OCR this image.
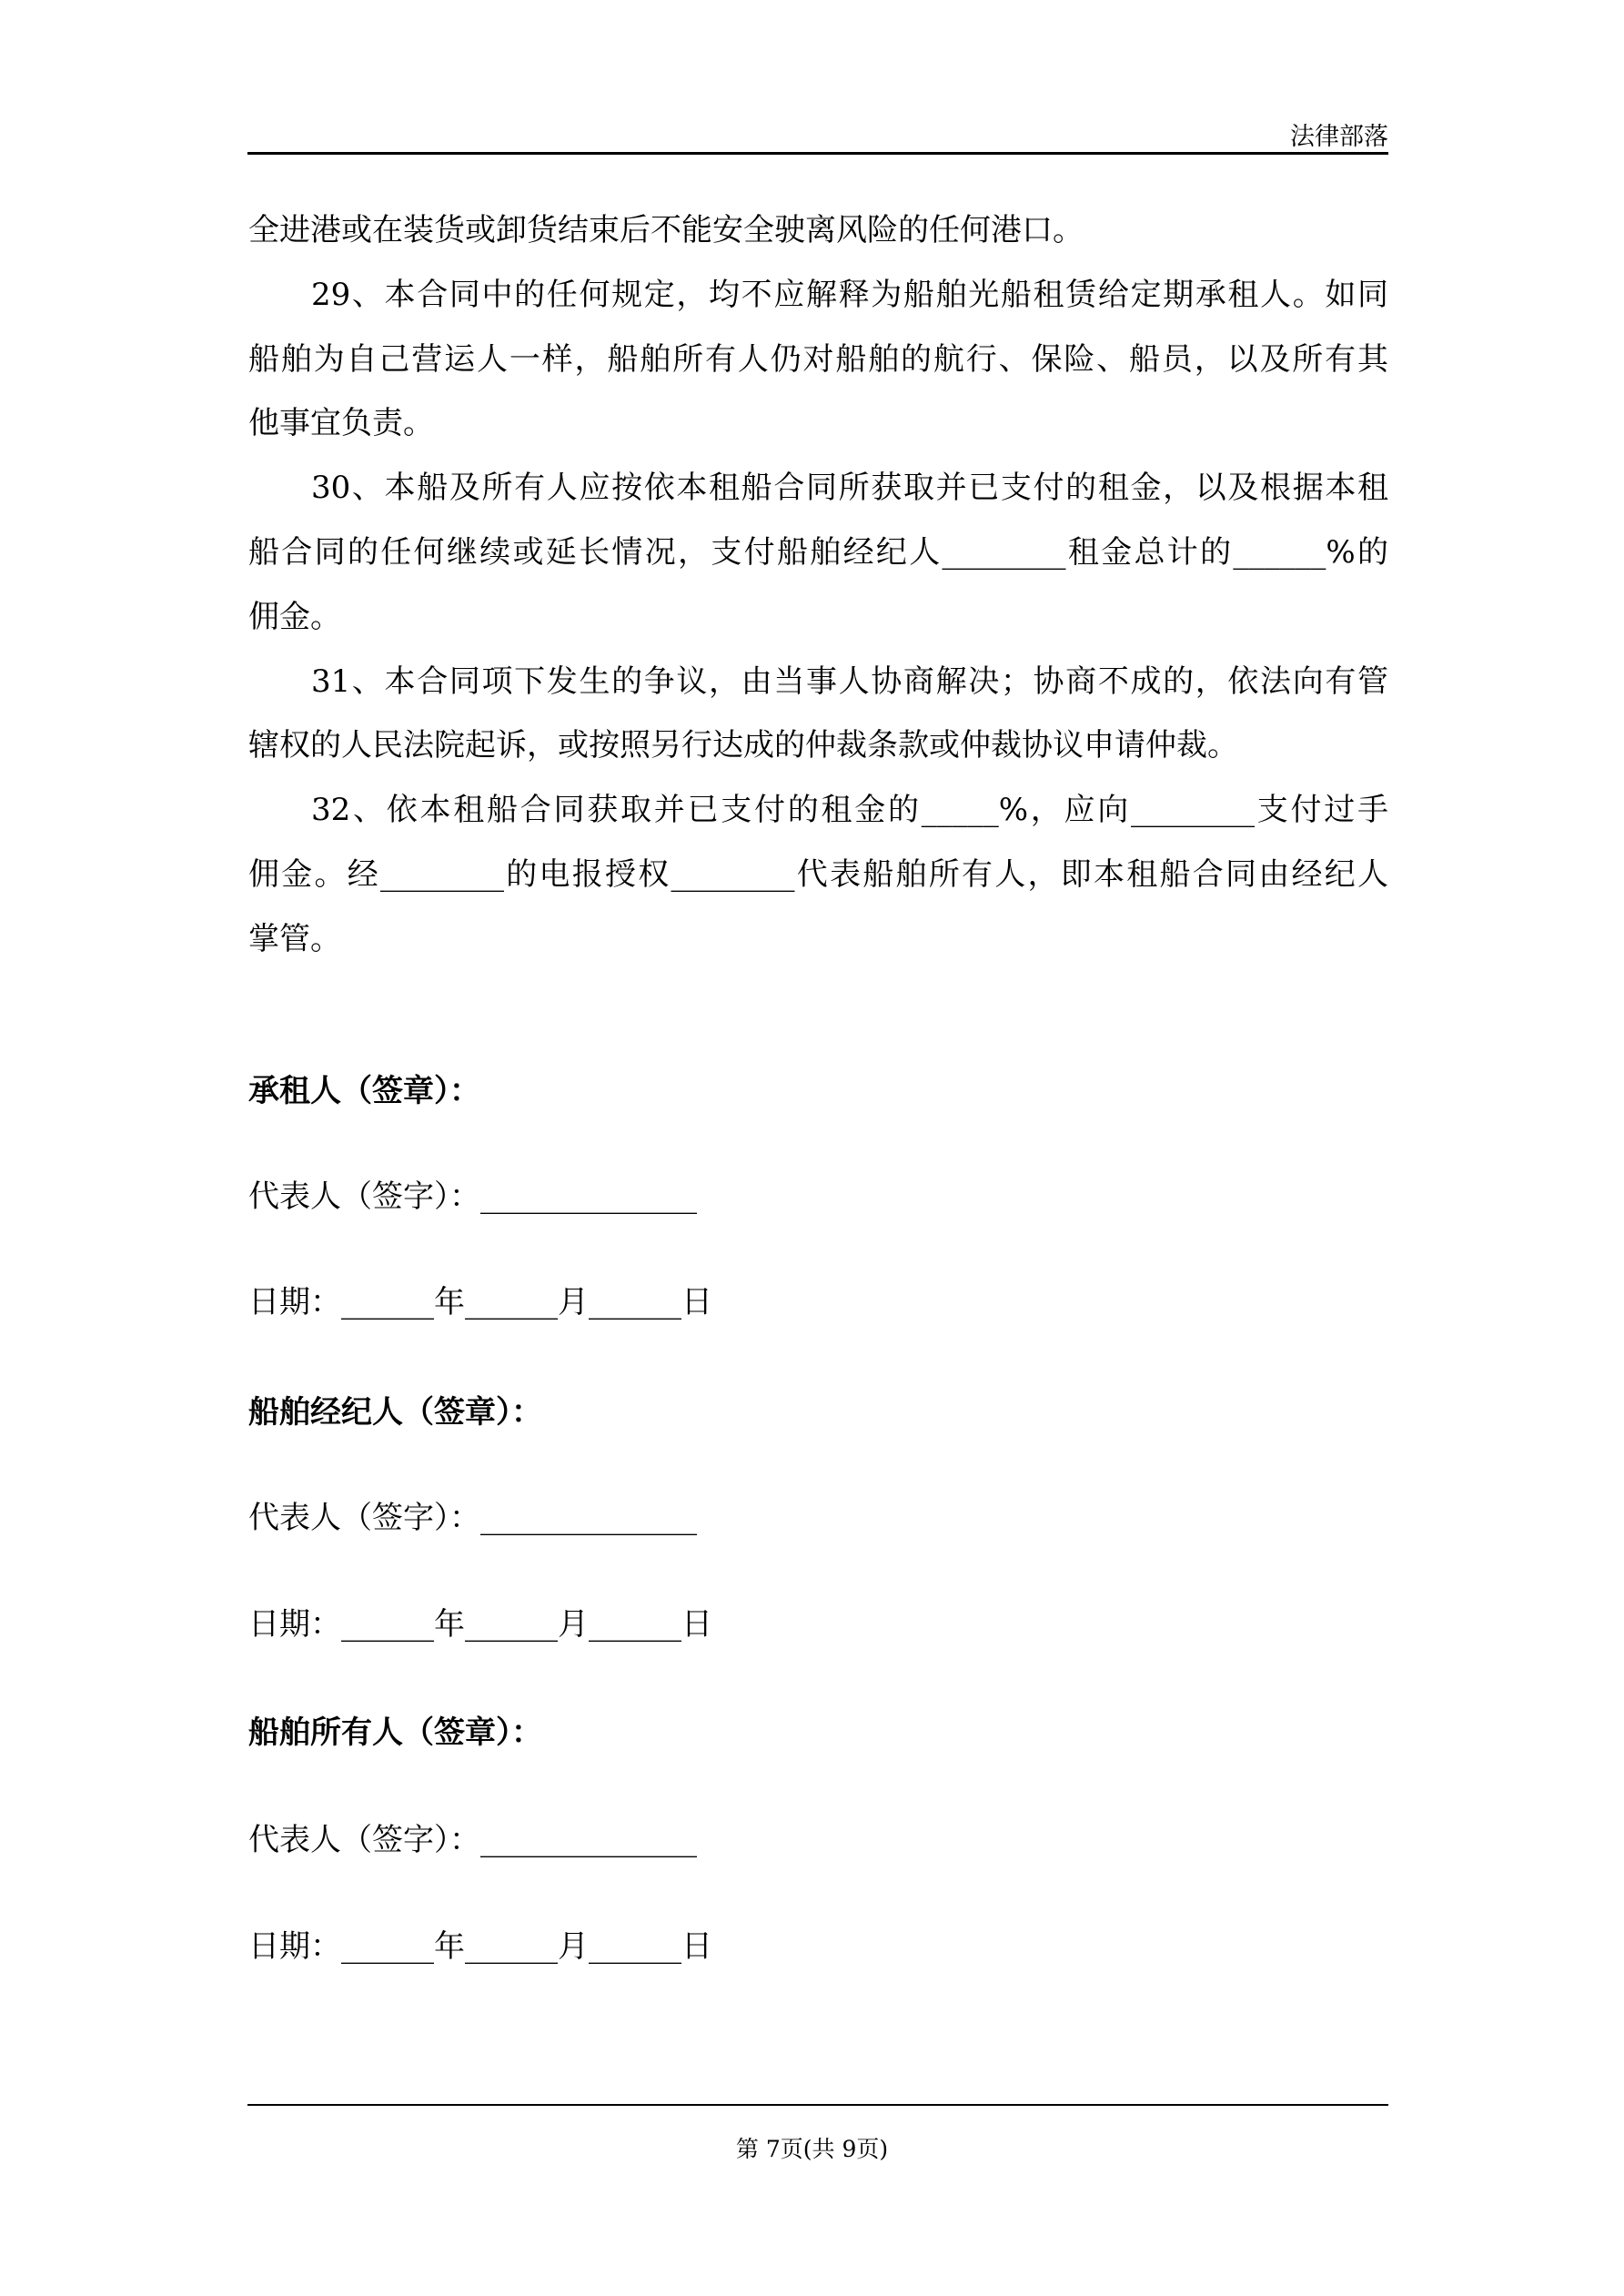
法律部落
全进港或在装货或卸货结束后不能安全驶离风险的任何港口。
29、本合同中的任何规定，均不应解释为船舶光船租赁给定期承租人。如同
船舶为自己营运人一样，船舶所有人仍对船舶的航行、保险、船员，以及所有其
他事宜负责。
30、本船及所有人应按依本租船合同所获取并已支付的租金，以及根据本租
船合同的任何继续或延长情况，支付船舶经纪人________租金总计的______%的
佣金。
31、本合同项下发生的争议，由当事人协商解决；协商不成的，依法向有管
辖权的人民法院起诉，或按照另行达成的仲裁条款或仲裁协议申请仲裁。
32、依本租船合同获取并已支付的租金的_____%，应向________支付过手
佣金。经________的电报授权________代表船舶所有人，即本租船合同由经纪人
掌管。
承租人（签章）：
代表人（签字）：______________
日期：______年______月______日
船舶经纪人（签章）：
代表人（签字）：______________
日期：______年______月______日
船舶所有人（签章）：
代表人（签字）：______________
日期：______年______月______日
第 7页(共 9页)
